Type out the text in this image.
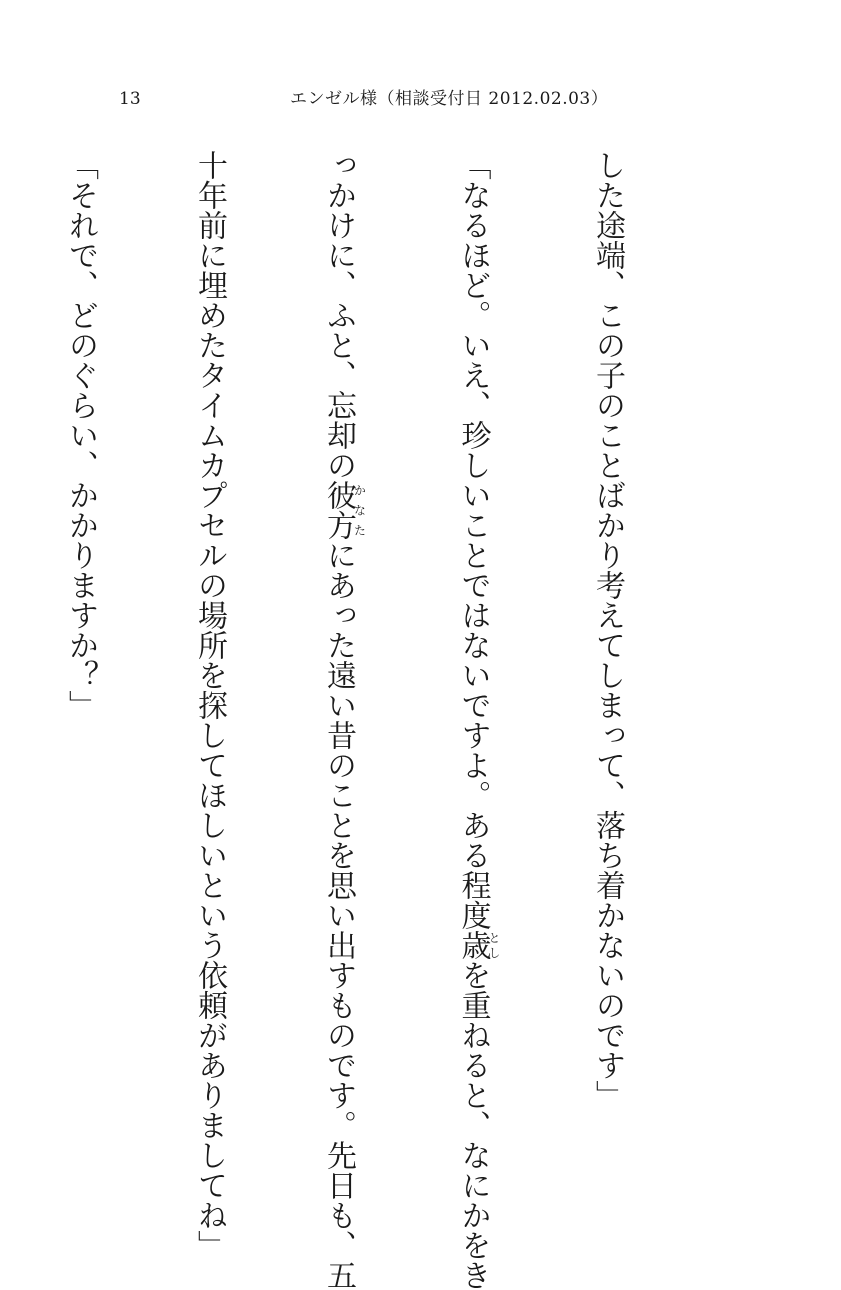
13	エンゼル様（相談受付日 2012.02.03）

した途端、この子のことばかり考えてしまって、落ち着かないのです」

「なるほど。いえ、珍しいことではないですよ。ある程度歳としを重ねると、なにかをき

っかけに、ふと、忘却の彼方かなたにあった遠い昔のことを思い出すものです。先日も、五

十年前に埋めたタイムカプセルの場所を探してほしいという依頼がありましてね」

「それで、どのぐらい、かかりますか？」
